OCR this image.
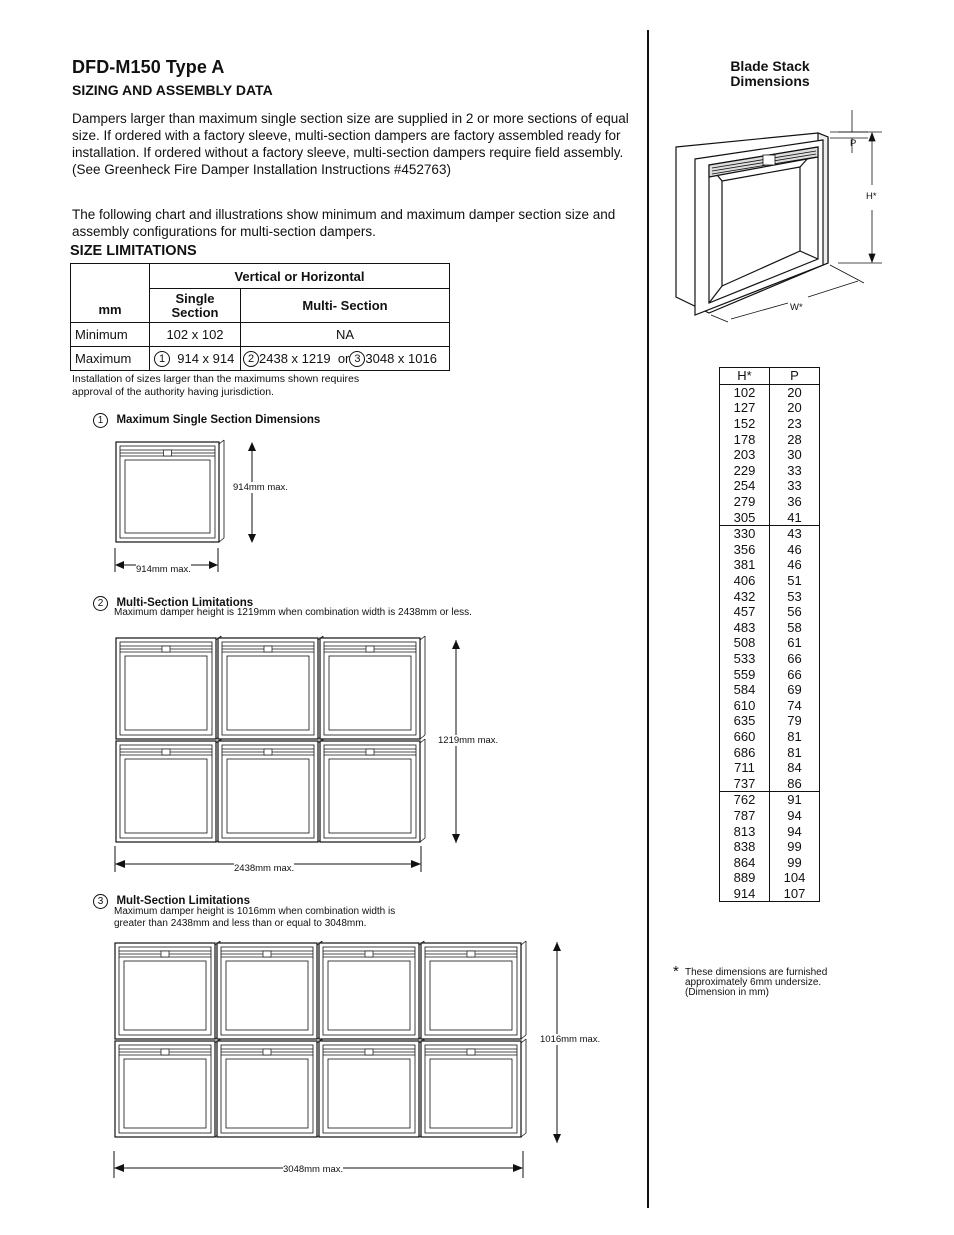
DFD-M150 Type A
SIZING AND ASSEMBLY DATA
Dampers larger than maximum single section size are supplied in 2 or more sections of equal size. If ordered with a factory sleeve, multi-section dampers are factory assembled ready for installation. If ordered without a factory sleeve, multi-section dampers require field assembly. (See Greenheck Fire Damper Installation Instructions #452763)
The following chart and illustrations show minimum and maximum damper section size and assembly configurations for multi-section dampers.
SIZE LIMITATIONS
mm	Vertical or Horizontal	
	Single Section	Multi- Section
Minimum	102 x 102	NA
Maximum	1 914 x 914	2 2438 x 1219 or 3 3048 x 1016
Installation of sizes larger than the maximums shown requires approval of the authority having jurisdiction.
1 Maximum Single Section Dimensions
914mm max.
914mm max.
2 Multi-Section Limitations
Maximum damper height is 1219mm when combination width is 2438mm or less.
1219mm max.
2438mm max.
3 Mult-Section Limitations
Maximum damper height is 1016mm when combination width is
greater than 2438mm and less than or equal to 3048mm.
1016mm max.
3048mm max.
Blade Stack
Dimensions
P
H*
W*
H*	P
102	20
127	20
152	23
178	28
203	30
229	33
254	33
279	36
305	41
330	43
356	46
381	46
406	51
432	53
457	56
483	58
508	61
533	66
559	66
584	69
610	74
635	79
660	81
686	81
711	84
737	86
762	91
787	94
813	94
838	99
864	99
889	104
914	107
* These dimensions are furnished
approximately 6mm undersize.
(Dimension in mm)
